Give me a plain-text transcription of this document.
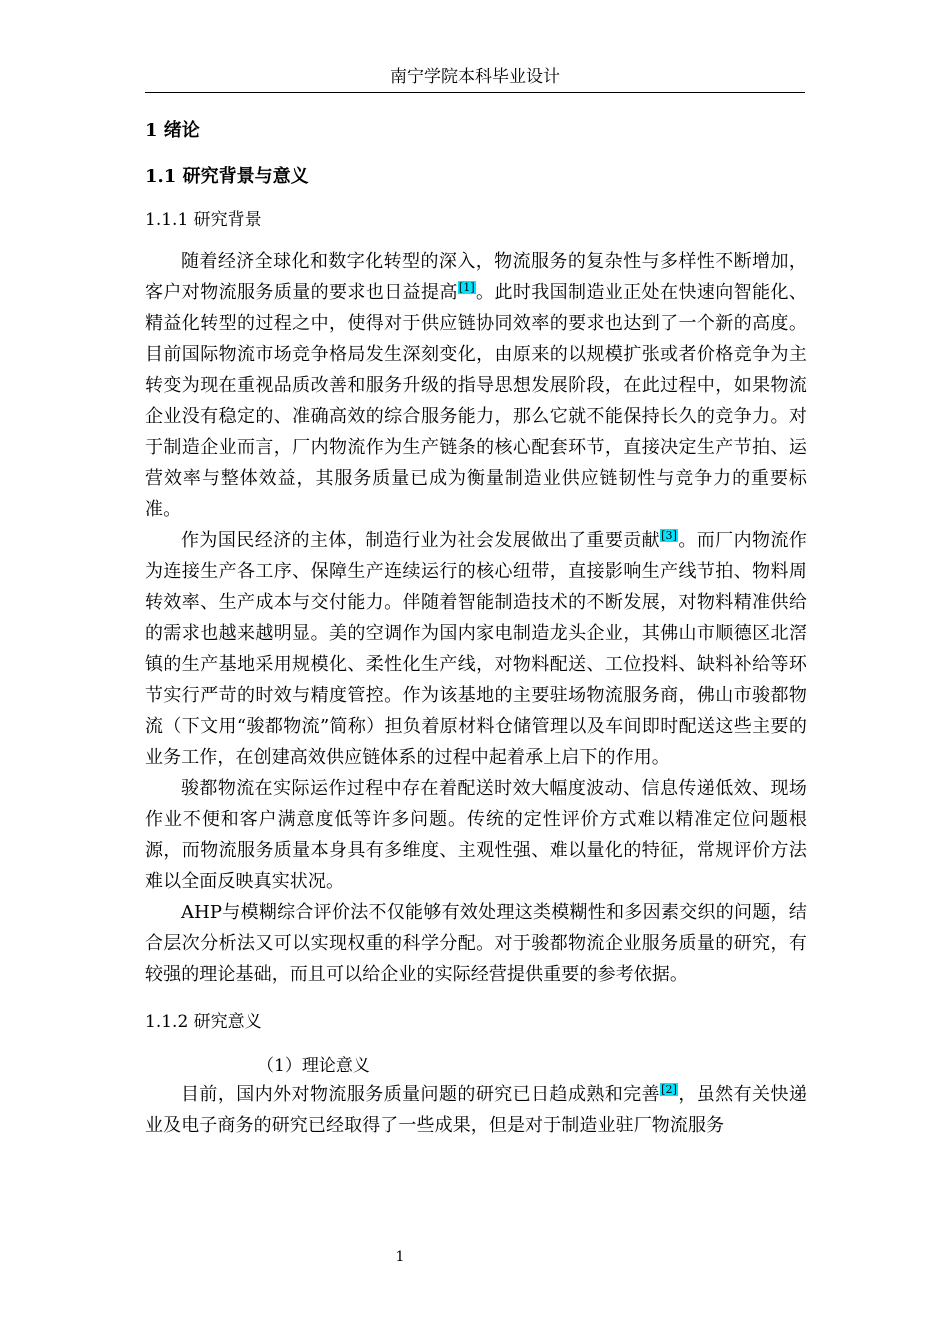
南宁学院本科毕业设计
1 绪论
1.1 研究背景与意义
1.1.1 研究背景

随着经济全球化和数字化转型的深入，物流服务的复杂性与多样性不断增加，客户对物流服务质量的要求也日益提高[1]。此时我国制造业正处在快速向智能化、精益化转型的过程之中，使得对于供应链协同效率的要求也达到了一个新的高度。目前国际物流市场竞争格局发生深刻变化，由原来的以规模扩张或者价格竞争为主转变为现在重视品质改善和服务升级的指导思想发展阶段，在此过程中，如果物流企业没有稳定的、准确高效的综合服务能力，那么它就不能保持长久的竞争力。对于制造企业而言，厂内物流作为生产链条的核心配套环节，直接决定生产节拍、运营效率与整体效益，其服务质量已成为衡量制造业供应链韧性与竞争力的重要标准。

作为国民经济的主体，制造行业为社会发展做出了重要贡献[3]。而厂内物流作为连接生产各工序、保障生产连续运行的核心纽带，直接影响生产线节拍、物料周转效率、生产成本与交付能力。伴随着智能制造技术的不断发展，对物料精准供给的需求也越来越明显。美的空调作为国内家电制造龙头企业，其佛山市顺德区北滘镇的生产基地采用规模化、柔性化生产线，对物料配送、工位投料、缺料补给等环节实行严苛的时效与精度管控。作为该基地的主要驻场物流服务商，佛山市骏都物流（下文用“骏都物流”简称）担负着原材料仓储管理以及车间即时配送这些主要的业务工作，在创建高效供应链体系的过程中起着承上启下的作用。

骏都物流在实际运作过程中存在着配送时效大幅度波动、信息传递低效、现场作业不便和客户满意度低等许多问题。传统的定性评价方式难以精准定位问题根源，而物流服务质量本身具有多维度、主观性强、难以量化的特征，常规评价方法难以全面反映真实状况。

AHP与模糊综合评价法不仅能够有效处理这类模糊性和多因素交织的问题，结合层次分析法又可以实现权重的科学分配。对于骏都物流企业服务质量的研究，有较强的理论基础，而且可以给企业的实际经营提供重要的参考依据。

1.1.2 研究意义
（1）理论意义

目前，国内外对物流服务质量问题的研究已日趋成熟和完善[2]，虽然有关快递业及电子商务的研究已经取得了一些成果，但是对于制造业驻厂物流服务

1
